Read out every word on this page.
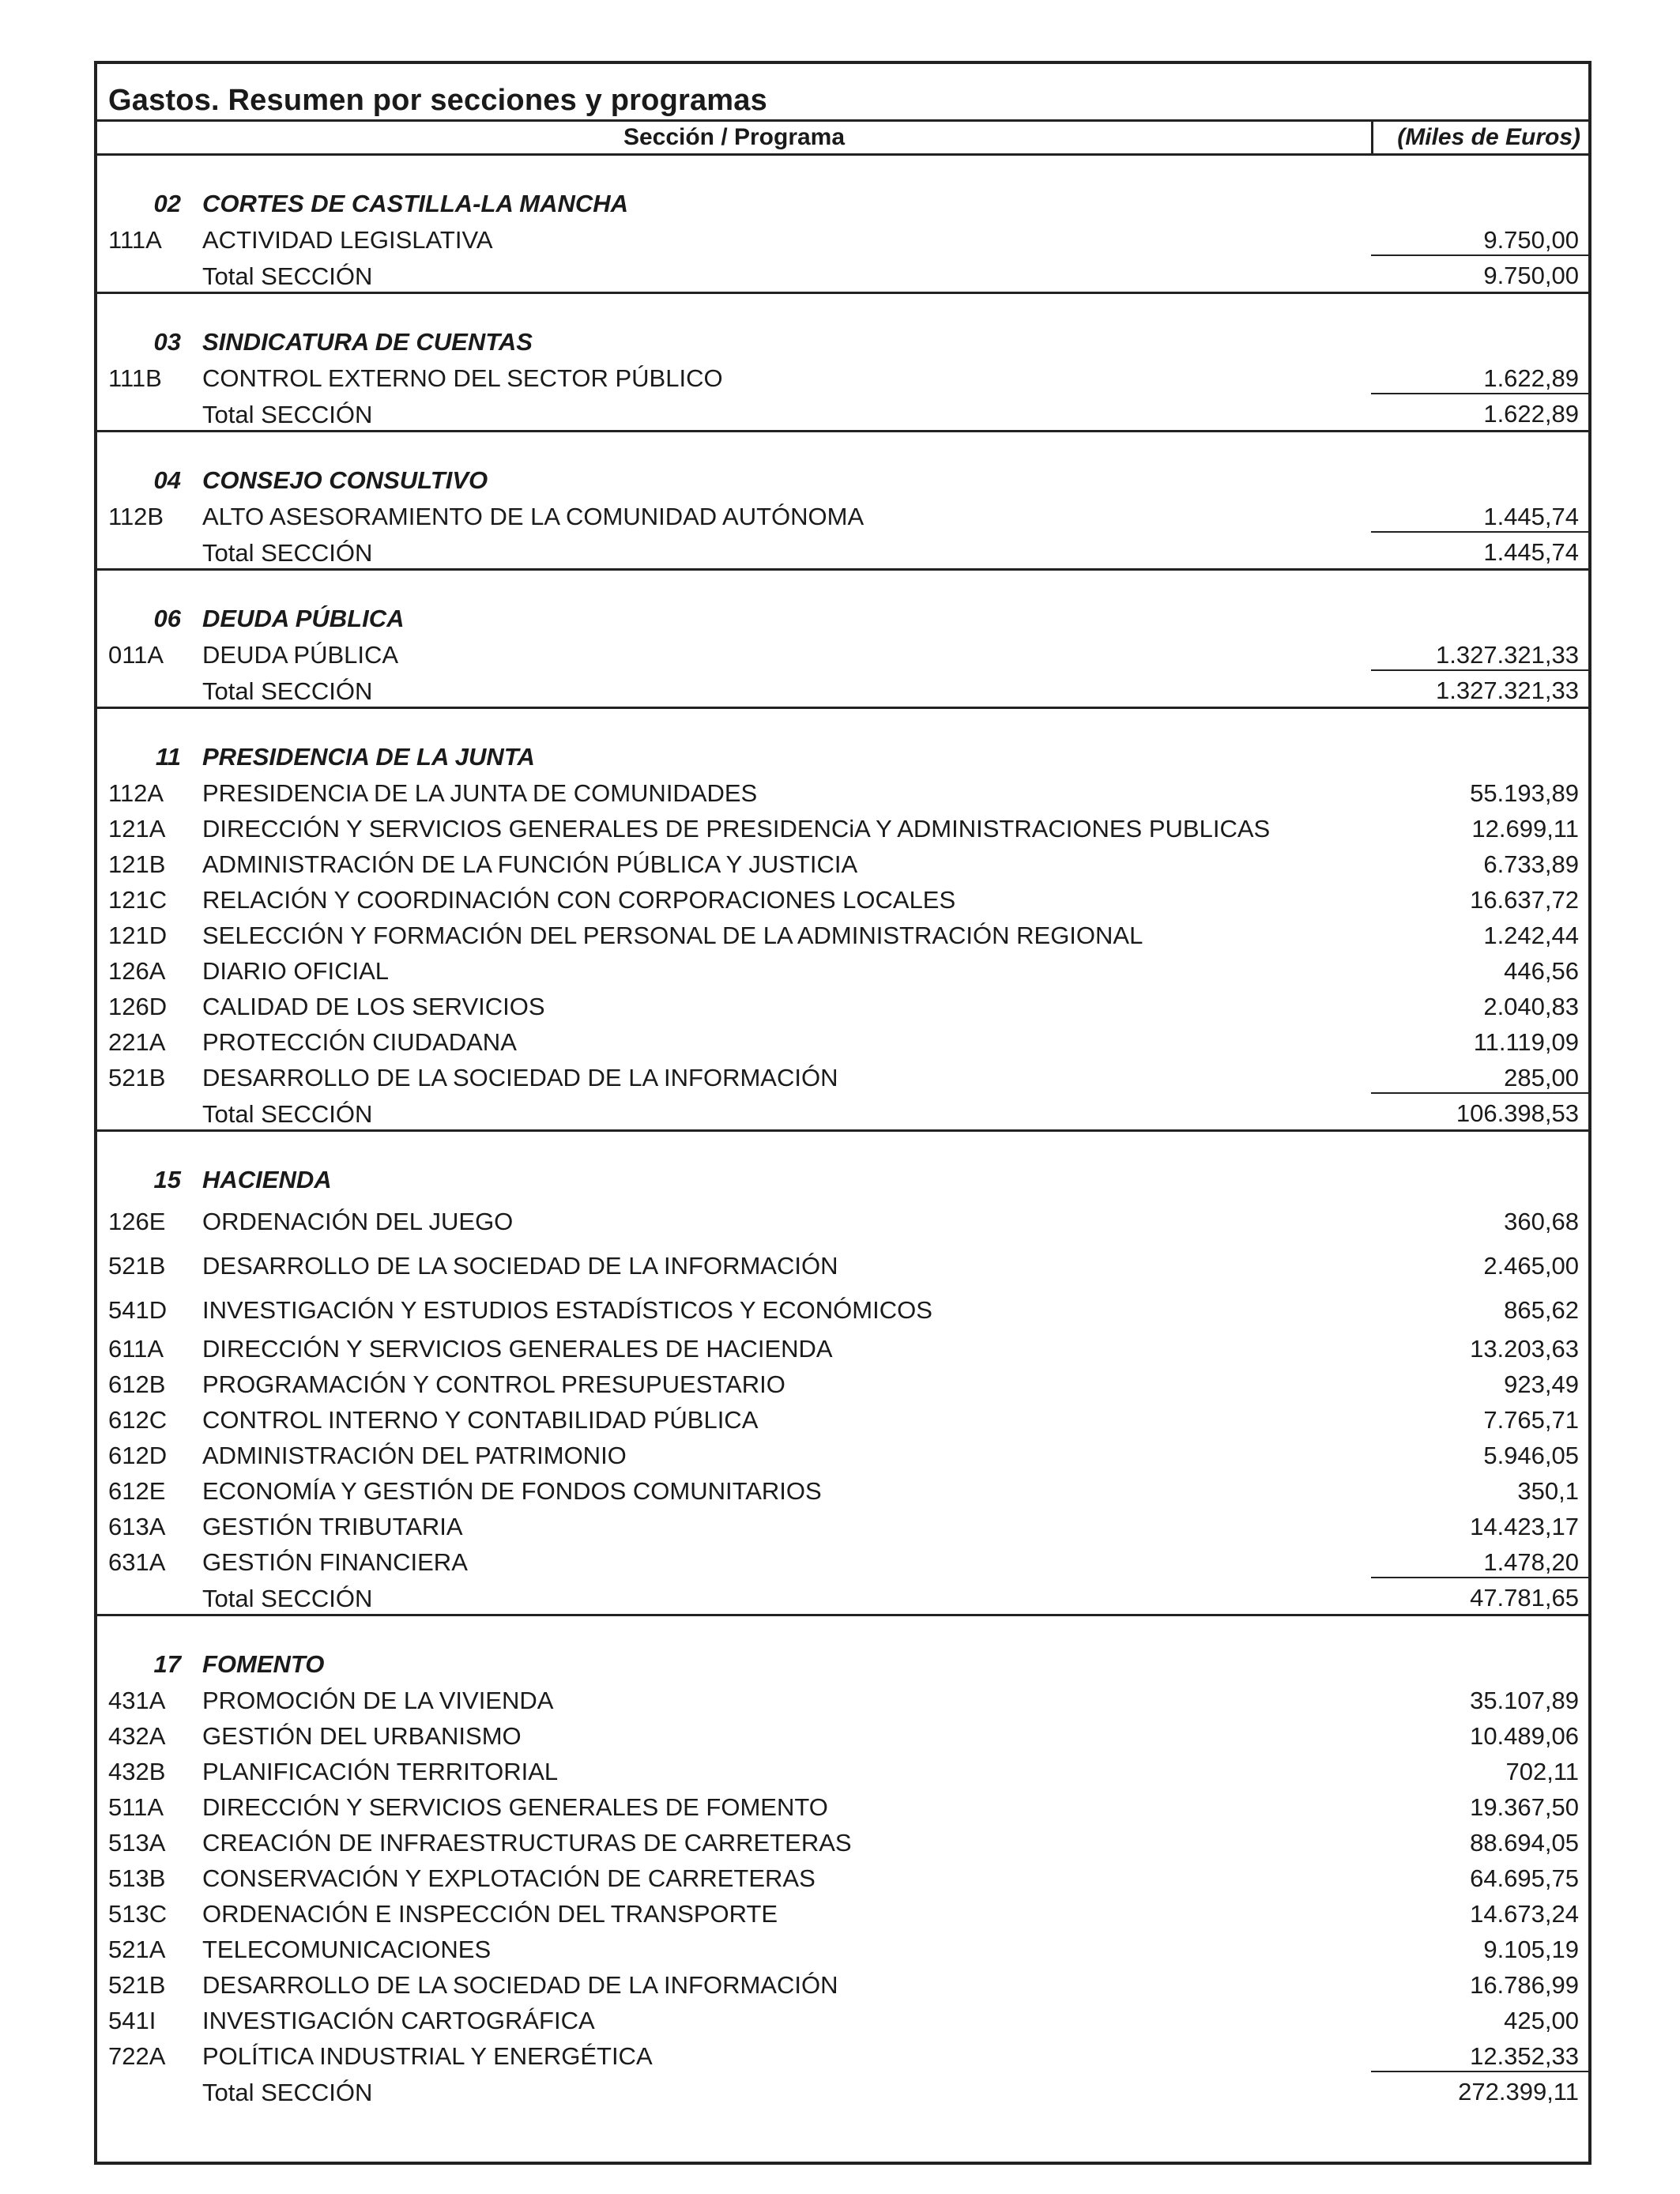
Gastos. Resumen por secciones y programas
Sección / Programa	(Miles de Euros)
02 CORTES DE CASTILLA-LA MANCHA
111A ACTIVIDAD LEGISLATIVA	9.750,00
Total SECCIÓN	9.750,00
03 SINDICATURA DE CUENTAS
111B CONTROL EXTERNO DEL SECTOR PÚBLICO	1.622,89
Total SECCIÓN	1.622,89
04 CONSEJO CONSULTIVO
112B ALTO ASESORAMIENTO DE LA COMUNIDAD AUTÓNOMA	1.445,74
Total SECCIÓN	1.445,74
06 DEUDA PÚBLICA
011A DEUDA PÚBLICA	1.327.321,33
Total SECCIÓN	1.327.321,33
11 PRESIDENCIA DE LA JUNTA
112A PRESIDENCIA DE LA JUNTA DE COMUNIDADES	55.193,89
121A DIRECCIÓN Y SERVICIOS GENERALES DE PRESIDENCiA Y ADMINISTRACIONES PUBLICAS	12.699,11
121B ADMINISTRACIÓN DE LA FUNCIÓN PÚBLICA Y JUSTICIA	6.733,89
121C RELACIÓN Y COORDINACIÓN CON CORPORACIONES LOCALES	16.637,72
121D SELECCIÓN Y FORMACIÓN DEL PERSONAL DE LA ADMINISTRACIÓN REGIONAL	1.242,44
126A DIARIO OFICIAL	446,56
126D CALIDAD DE LOS SERVICIOS	2.040,83
221A PROTECCIÓN CIUDADANA	11.119,09
521B DESARROLLO DE LA SOCIEDAD DE LA INFORMACIÓN	285,00
Total SECCIÓN	106.398,53
15 HACIENDA
126E ORDENACIÓN DEL JUEGO	360,68
521B DESARROLLO DE LA SOCIEDAD DE LA INFORMACIÓN	2.465,00
541D INVESTIGACIÓN Y ESTUDIOS ESTADÍSTICOS Y ECONÓMICOS	865,62
611A DIRECCIÓN Y SERVICIOS GENERALES DE HACIENDA	13.203,63
612B PROGRAMACIÓN Y CONTROL PRESUPUESTARIO	923,49
612C CONTROL INTERNO Y CONTABILIDAD PÚBLICA	7.765,71
612D ADMINISTRACIÓN DEL PATRIMONIO	5.946,05
612E ECONOMÍA Y GESTIÓN DE FONDOS COMUNITARIOS	350,1
613A GESTIÓN TRIBUTARIA	14.423,17
631A GESTIÓN FINANCIERA	1.478,20
Total SECCIÓN	47.781,65
17 FOMENTO
431A PROMOCIÓN DE LA VIVIENDA	35.107,89
432A GESTIÓN DEL URBANISMO	10.489,06
432B PLANIFICACIÓN TERRITORIAL	702,11
511A DIRECCIÓN Y SERVICIOS GENERALES DE FOMENTO	19.367,50
513A CREACIÓN DE INFRAESTRUCTURAS DE CARRETERAS	88.694,05
513B CONSERVACIÓN Y EXPLOTACIÓN DE CARRETERAS	64.695,75
513C ORDENACIÓN E INSPECCIÓN DEL TRANSPORTE	14.673,24
521A TELECOMUNICACIONES	9.105,19
521B DESARROLLO DE LA SOCIEDAD DE LA INFORMACIÓN	16.786,99
541I INVESTIGACIÓN CARTOGRÁFICA	425,00
722A POLÍTICA INDUSTRIAL Y ENERGÉTICA	12.352,33
Total SECCIÓN	272.399,11
